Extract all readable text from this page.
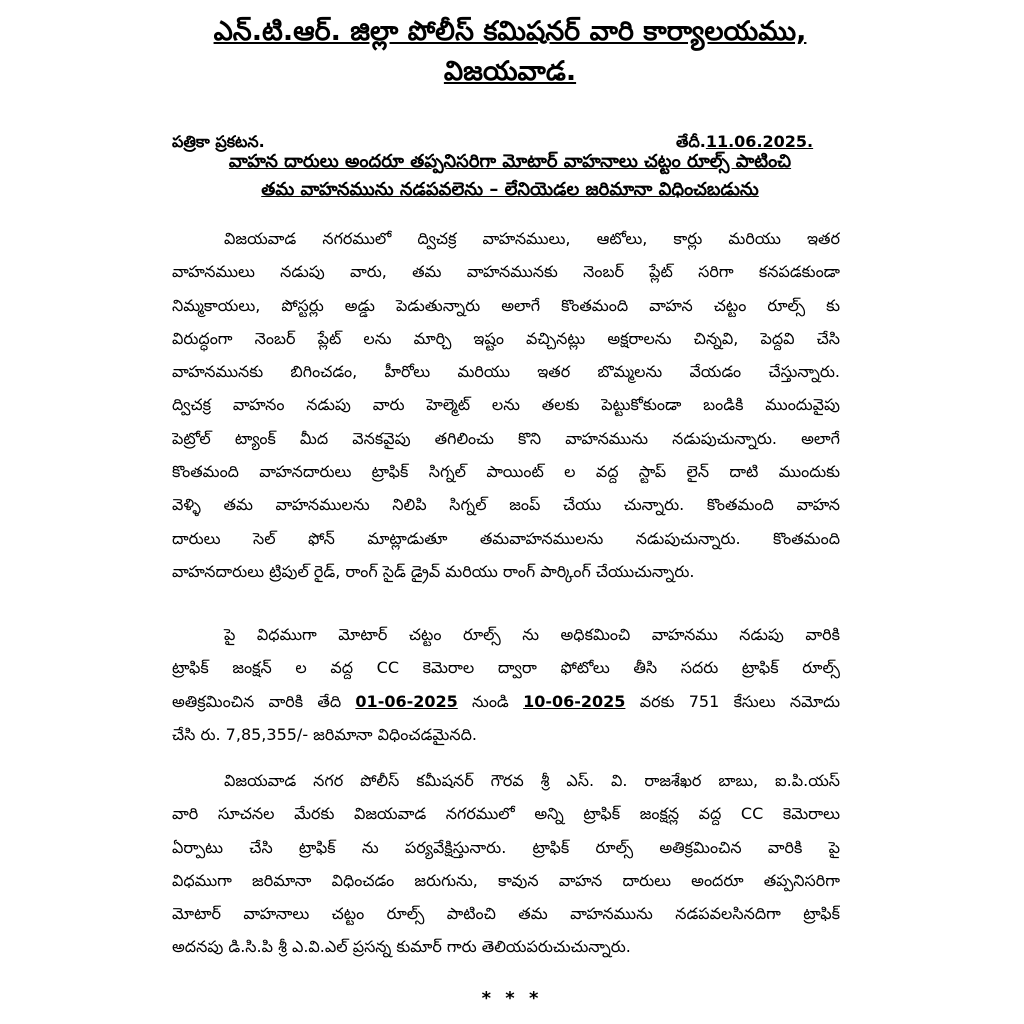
ఎన్.టి.ఆర్. జిల్లా పోలీస్ కమిషనర్ వారి కార్యాలయము,
విజయవాడ.
పత్రికా ప్రకటన.	తేదీ.11.06.2025.
వాహన దారులు అందరూ తప్పనిసరిగా మోటార్ వాహనాలు చట్టం రూల్స్ పాటించి
తమ వాహనమును నడపవలెను – లేనియెడల జరిమానా విధించబడును
విజయవాడ నగరములో ద్విచక్ర వాహనములు, ఆటోలు, కార్లు మరియు ఇతర
వాహనములు నడుపు వారు, తమ వాహనమునకు నెంబర్ ప్లేట్ సరిగా కనపడకుండా
నిమ్మకాయలు, పోస్టర్లు అడ్డు పెడుతున్నారు అలాగే కొంతమంది వాహన చట్టం రూల్స్ కు
విరుద్ధంగా నెంబర్ ప్లేట్ లను మార్చి ఇష్టం వచ్చినట్లు అక్షరాలను చిన్నవి, పెద్దవి చేసి
వాహనమునకు బిగించడం, హీరోలు మరియు ఇతర బొమ్మలను వేయడం చేస్తున్నారు.
ద్విచక్ర వాహనం నడుపు వారు హెల్మెట్ లను తలకు పెట్టుకోకుండా బండికి ముందువైపు
పెట్రోల్ ట్యాంక్ మీద వెనకవైపు తగిలించు కొని వాహనమును నడుపుచున్నారు. అలాగే
కొంతమంది వాహనదారులు ట్రాఫిక్ సిగ్నల్ పాయింట్ ల వద్ద స్టాప్ లైన్ దాటి ముందుకు
వెళ్ళి తమ వాహనములను నిలిపి సిగ్నల్ జంప్ చేయు చున్నారు. కొంతమంది వాహన
దారులు సెల్ ఫోన్ మాట్లాడుతూ తమవాహనములను నడుపుచున్నారు. కొంతమంది
వాహనదారులు ట్రిపుల్ రైడ్, రాంగ్ సైడ్ డ్రైవ్ మరియు రాంగ్ పార్కింగ్ చేయుచున్నారు.
పై విధముగా మోటార్ చట్టం రూల్స్ ను అధికమించి వాహనము నడుపు వారికి
ట్రాఫిక్ జంక్షన్ ల వద్ద CC కెమెరాల ద్వారా ఫోటోలు తీసి సదరు ట్రాఫిక్ రూల్స్
అతిక్రమించిన వారికి తేది 01-06-2025 నుండి 10-06-2025 వరకు 751 కేసులు నమోదు
చేసి రు. 7,85,355/- జరిమానా విధించడమైనది.
విజయవాడ నగర పోలీస్ కమీషనర్ గౌరవ శ్రీ ఎస్. వి. రాజశేఖర బాబు, ఐ.పి.యస్
వారి సూచనల మేరకు విజయవాడ నగరములో అన్ని ట్రాఫిక్ జంక్షన్ల వద్ద CC కెమెరాలు
ఏర్పాటు చేసి ట్రాఫిక్ ను పర్యవేక్షిస్తునారు. ట్రాఫిక్ రూల్స్ అతిక్రమించిన వారికి పై
విధముగా జరిమానా విధించడం జరుగును, కావున వాహన దారులు అందరూ తప్పనిసరిగా
మోటార్ వాహనాలు చట్టం రూల్స్ పాటించి తమ వాహనమును నడపవలసినదిగా ట్రాఫిక్
అదనపు డి.సి.పి శ్రీ ఎ.వి.ఎల్ ప్రసన్న కుమార్ గారు తెలియపరుచుచున్నారు.
* * *
